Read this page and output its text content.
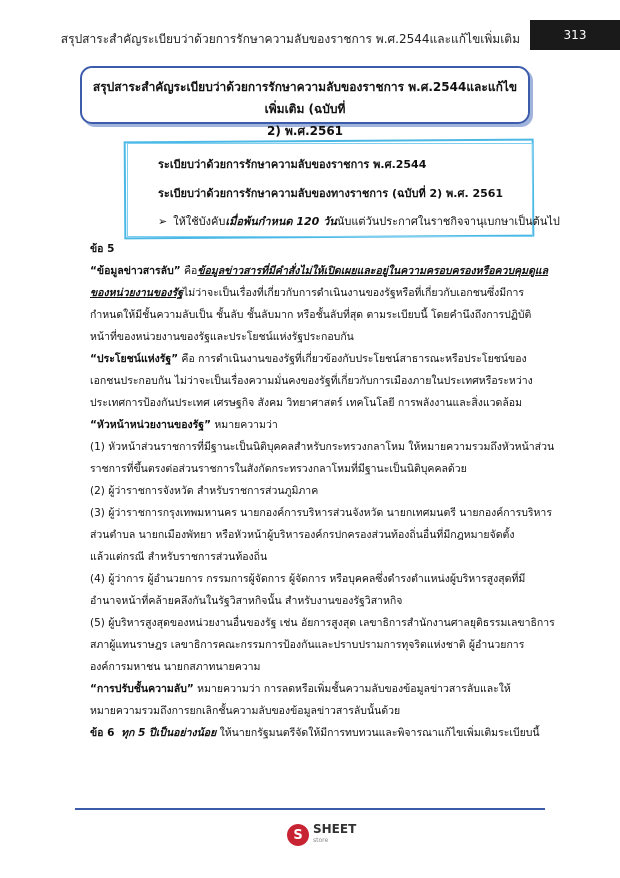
สรุปสาระสำคัญระเบียบว่าด้วยการรักษาความลับของราชการ พ.ศ.2544และแก้ไขเพิ่มเติม	313
สรุปสาระสำคัญระเบียบว่าด้วยการรักษาความลับของราชการ พ.ศ.2544และแก้ไขเพิ่มเติม (ฉบับที่
2) พ.ศ.2561
ระเบียบว่าด้วยการรักษาความลับของราชการ พ.ศ.2544
ระเบียบว่าด้วยการรักษาความลับของทางราชการ (ฉบับที่ 2) พ.ศ. 2561
➢ ให้ใช้บังคับเมื่อพ้นกำหนด 120 วันนับแต่วันประกาศในราชกิจจานุเบกษาเป็นต้นไป
ข้อ 5
“ข้อมูลข่าวสารลับ” คือข้อมูลข่าวสารที่มีคำสั่งไม่ให้เปิดเผยและอยู่ในความครอบครองหรือควบคุมดูแล
ของหน่วยงานของรัฐไม่ว่าจะเป็นเรื่องที่เกี่ยวกับการดำเนินงานของรัฐหรือที่เกี่ยวกับเอกชนซึ่งมีการ
กำหนดให้มีชั้นความลับเป็น ชั้นลับ ชั้นลับมาก หรือชั้นลับที่สุด ตามระเบียบนี้ โดยคำนึงถึงการปฏิบัติ
หน้าที่ของหน่วยงานของรัฐและประโยชน์แห่งรัฐประกอบกัน
“ประโยชน์แห่งรัฐ” คือ การดำเนินงานของรัฐที่เกี่ยวข้องกับประโยชน์สาธารณะหรือประโยชน์ของ
เอกชนประกอบกัน ไม่ว่าจะเป็นเรื่องความมั่นคงของรัฐที่เกี่ยวกับการเมืองภายในประเทศหรือระหว่าง
ประเทศการป้องกันประเทศ เศรษฐกิจ สังคม วิทยาศาสตร์ เทคโนโลยี การพลังงานและสิ่งแวดล้อม
“หัวหน้าหน่วยงานของรัฐ” หมายความว่า
(1) หัวหน้าส่วนราชการที่มีฐานะเป็นนิติบุคคลสำหรับกระทรวงกลาโหม ให้หมายความรวมถึงหัวหน้าส่วน
ราชการที่ขึ้นตรงต่อส่วนราชการในสังกัดกระทรวงกลาโหมที่มีฐานะเป็นนิติบุคคลด้วย
(2) ผู้ว่าราชการจังหวัด สำหรับราชการส่วนภูมิภาค
(3) ผู้ว่าราชการกรุงเทพมหานคร นายกองค์การบริหารส่วนจังหวัด นายกเทศมนตรี นายกองค์การบริหาร
ส่วนตำบล นายกเมืองพัทยา หรือหัวหน้าผู้บริหารองค์กรปกครองส่วนท้องถิ่นอื่นที่มีกฎหมายจัดตั้ง
แล้วแต่กรณี สำหรับราชการส่วนท้องถิ่น
(4) ผู้ว่าการ ผู้อำนวยการ กรรมการผู้จัดการ ผู้จัดการ หรือบุคคลซึ่งดำรงตำแหน่งผู้บริหารสูงสุดที่มี
อำนาจหน้าที่คล้ายคลึงกันในรัฐวิสาหกิจนั้น สำหรับงานของรัฐวิสาหกิจ
(5) ผู้บริหารสูงสุดของหน่วยงานอื่นของรัฐ เช่น อัยการสูงสุด เลขาธิการสำนักงานศาลยุติธรรมเลขาธิการ
สภาผู้แทนราษฎร เลขาธิการคณะกรรมการป้องกันและปราบปรามการทุจริตแห่งชาติ ผู้อำนวยการ
องค์การมหาชน นายกสภาทนายความ
“การปรับชั้นความลับ” หมายความว่า การลดหรือเพิ่มชั้นความลับของข้อมูลข่าวสารลับและให้
หมายความรวมถึงการยกเลิกชั้นความลับของข้อมูลข่าวสารลับนั้นด้วย
ข้อ 6 ทุก 5 ปีเป็นอย่างน้อย ให้นายกรัฐมนตรีจัดให้มีการทบทวนและพิจารณาแก้ไขเพิ่มเติมระเบียบนี้
S SHEET
store
